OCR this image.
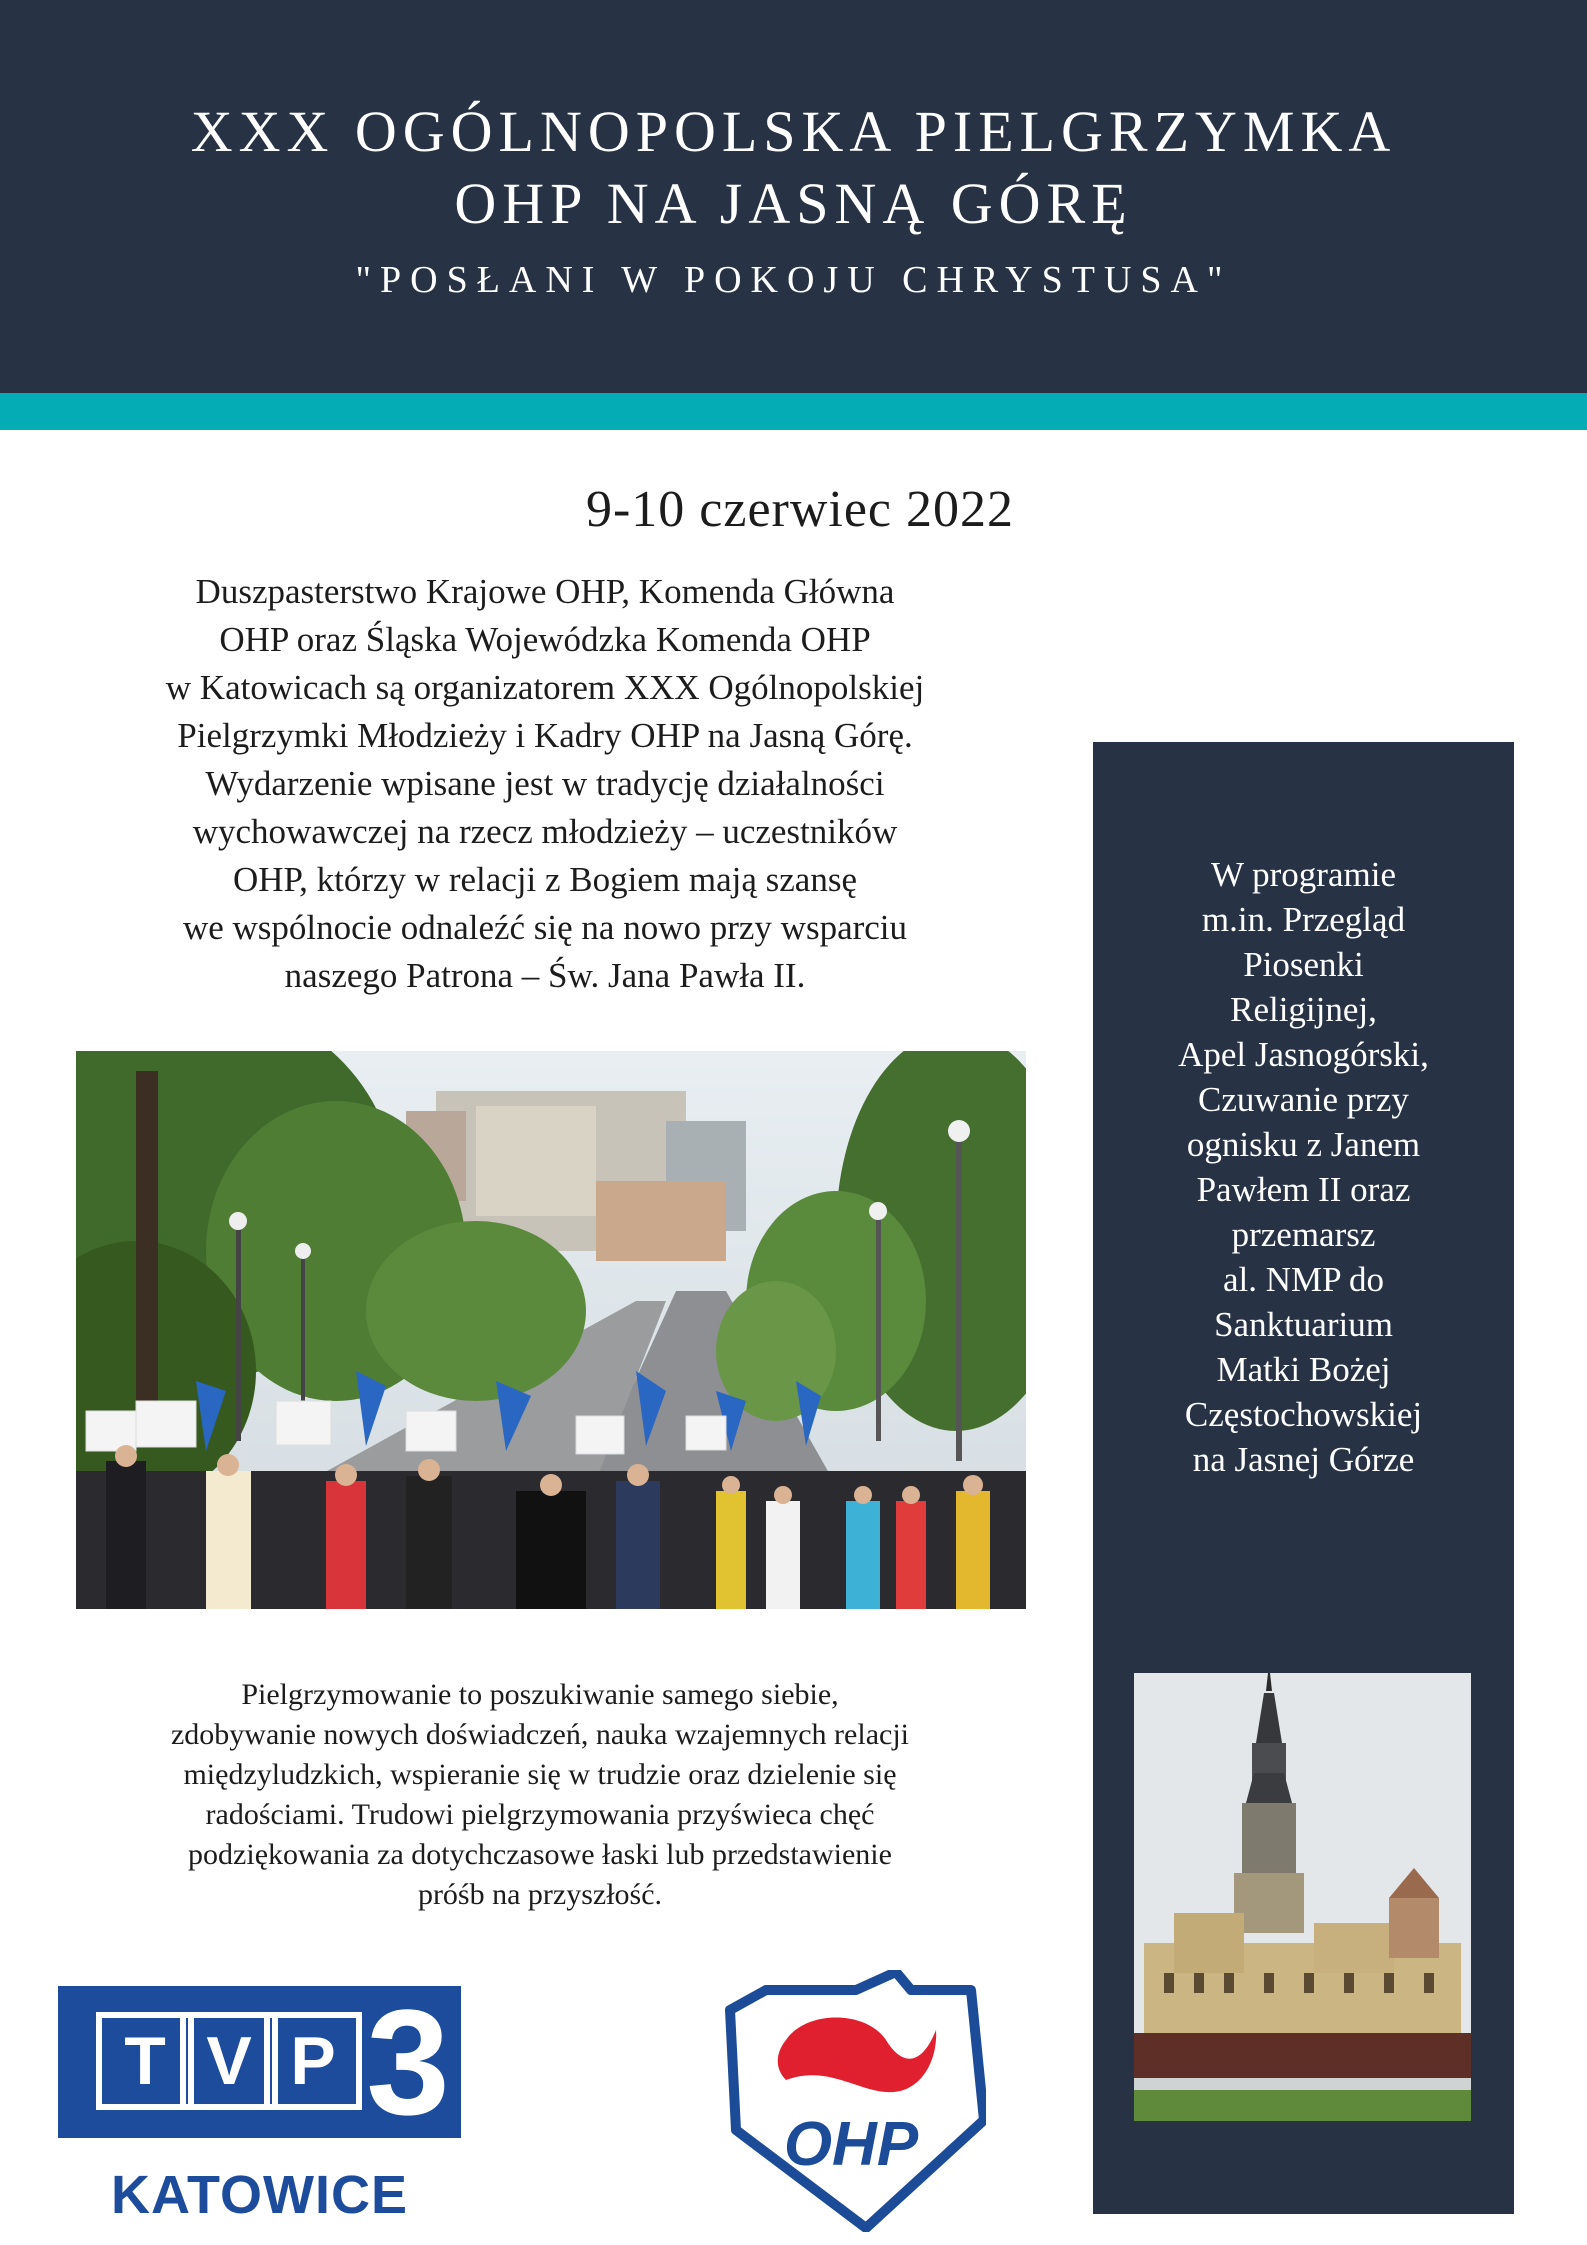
XXX OGÓLNOPOLSKA PIELGRZYMKA
OHP NA JASNĄ GÓRĘ
"POSŁANI W POKOJU CHRYSTUSA"
9-10 czerwiec 2022
Duszpasterstwo Krajowe OHP, Komenda Główna
OHP oraz Śląska Wojewódzka Komenda OHP
w Katowicach są organizatorem XXX Ogólnopolskiej
Pielgrzymki Młodzieży i Kadry OHP na Jasną Górę.
Wydarzenie wpisane jest w tradycję działalności
wychowawczej na rzecz młodzieży – uczestników
OHP, którzy w relacji z Bogiem mają szansę
we wspólnocie odnaleźć się na nowo przy wsparciu
naszego Patrona – Św. Jana Pawła II.
W programie
m.in. Przegląd
Piosenki
Religijnej,
Apel Jasnogórski,
Czuwanie przy
ognisku z Janem
Pawłem II oraz
przemarsz
al. NMP do
Sanktuarium
Matki Bożej
Częstochowskiej
na Jasnej Górze
Pielgrzymowanie to poszukiwanie samego siebie,
zdobywanie nowych doświadczeń, nauka wzajemnych relacji
międzyludzkich, wspieranie się w trudzie oraz dzielenie się
radościami. Trudowi pielgrzymowania przyświeca chęć
podziękowania za dotychczasowe łaski lub przedstawienie
próśb na przyszłość.
T V P 3
KATOWICE
OHP
